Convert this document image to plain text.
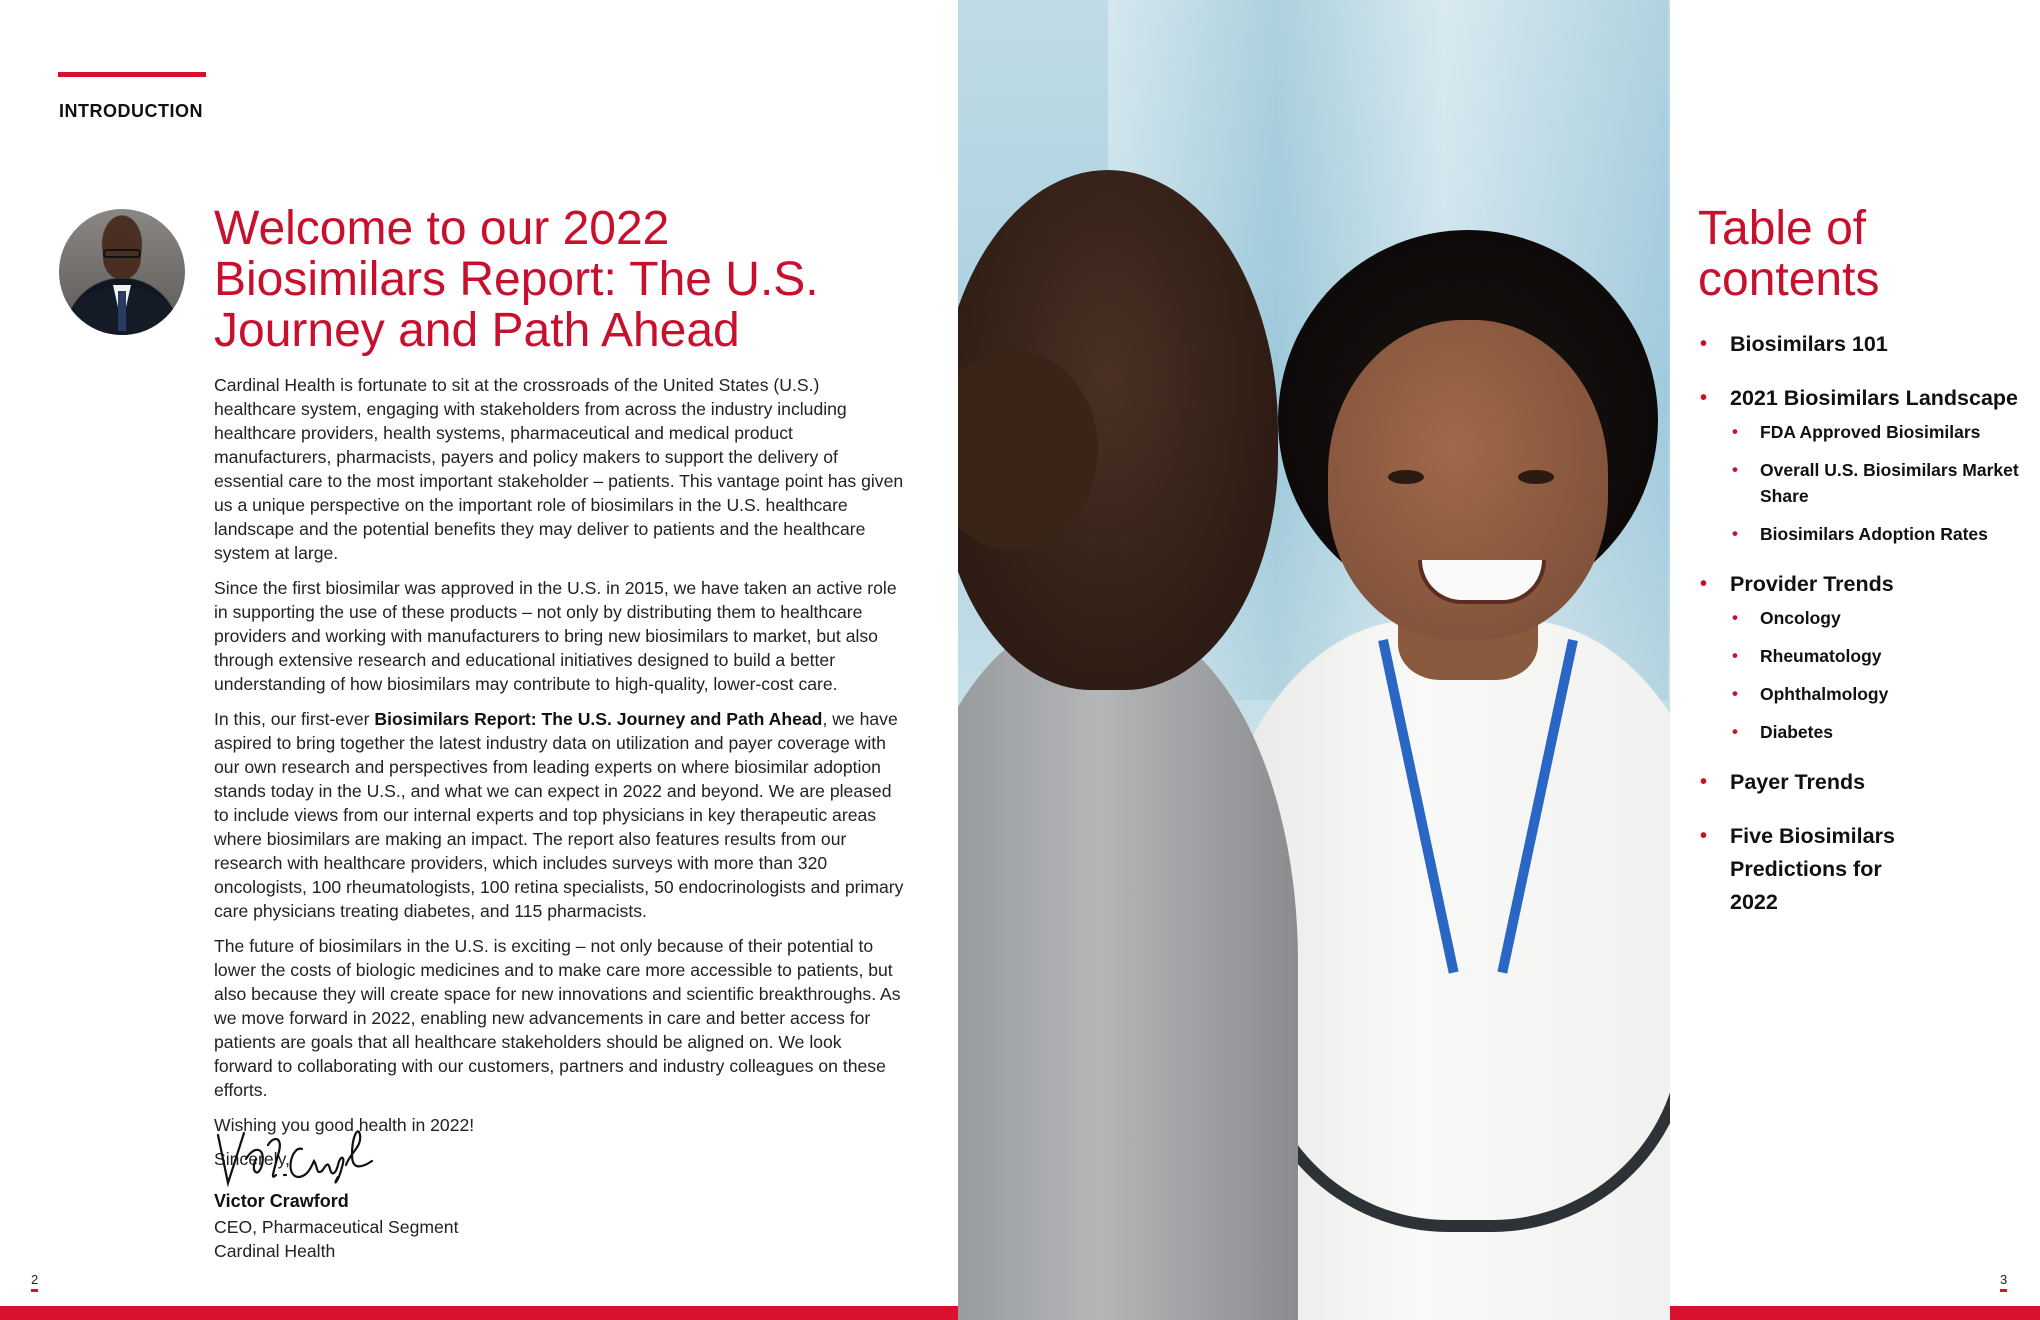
INTRODUCTION
Welcome to our 2022 Biosimilars Report: The U.S. Journey and Path Ahead

Cardinal Health is fortunate to sit at the crossroads of the United States (U.S.) healthcare system, engaging with stakeholders from across the industry including healthcare providers, health systems, pharmaceutical and medical product manufacturers, pharmacists, payers and policy makers to support the delivery of essential care to the most important stakeholder – patients. This vantage point has given us a unique perspective on the important role of biosimilars in the U.S. healthcare landscape and the potential benefits they may deliver to patients and the healthcare system at large.

Since the first biosimilar was approved in the U.S. in 2015, we have taken an active role in supporting the use of these products – not only by distributing them to healthcare providers and working with manufacturers to bring new biosimilars to market, but also through extensive research and educational initiatives designed to build a better understanding of how biosimilars may contribute to high-quality, lower-cost care.

In this, our first-ever Biosimilars Report: The U.S. Journey and Path Ahead, we have aspired to bring together the latest industry data on utilization and payer coverage with our own research and perspectives from leading experts on where biosimilar adoption stands today in the U.S., and what we can expect in 2022 and beyond. We are pleased to include views from our internal experts and top physicians in key therapeutic areas where biosimilars are making an impact. The report also features results from our research with healthcare providers, which includes surveys with more than 320 oncologists, 100 rheumatologists, 100 retina specialists, 50 endocrinologists and primary care physicians treating diabetes, and 115 pharmacists.

The future of biosimilars in the U.S. is exciting – not only because of their potential to lower the costs of biologic medicines and to make care more accessible to patients, but also because they will create space for new innovations and scientific breakthroughs. As we move forward in 2022, enabling new advancements in care and better access for patients are goals that all healthcare stakeholders should be aligned on. We look forward to collaborating with our customers, partners and industry colleagues on these efforts.

Wishing you good health in 2022!

Sincerely,

Victor Crawford
CEO, Pharmaceutical Segment
Cardinal Health
2
Table of contents
• Biosimilars 101
• 2021 Biosimilars Landscape
• FDA Approved Biosimilars
• Overall U.S. Biosimilars Market Share
• Biosimilars Adoption Rates
• Provider Trends
• Oncology
• Rheumatology
• Ophthalmology
• Diabetes
• Payer Trends
• Five Biosimilars Predictions for 2022
3
